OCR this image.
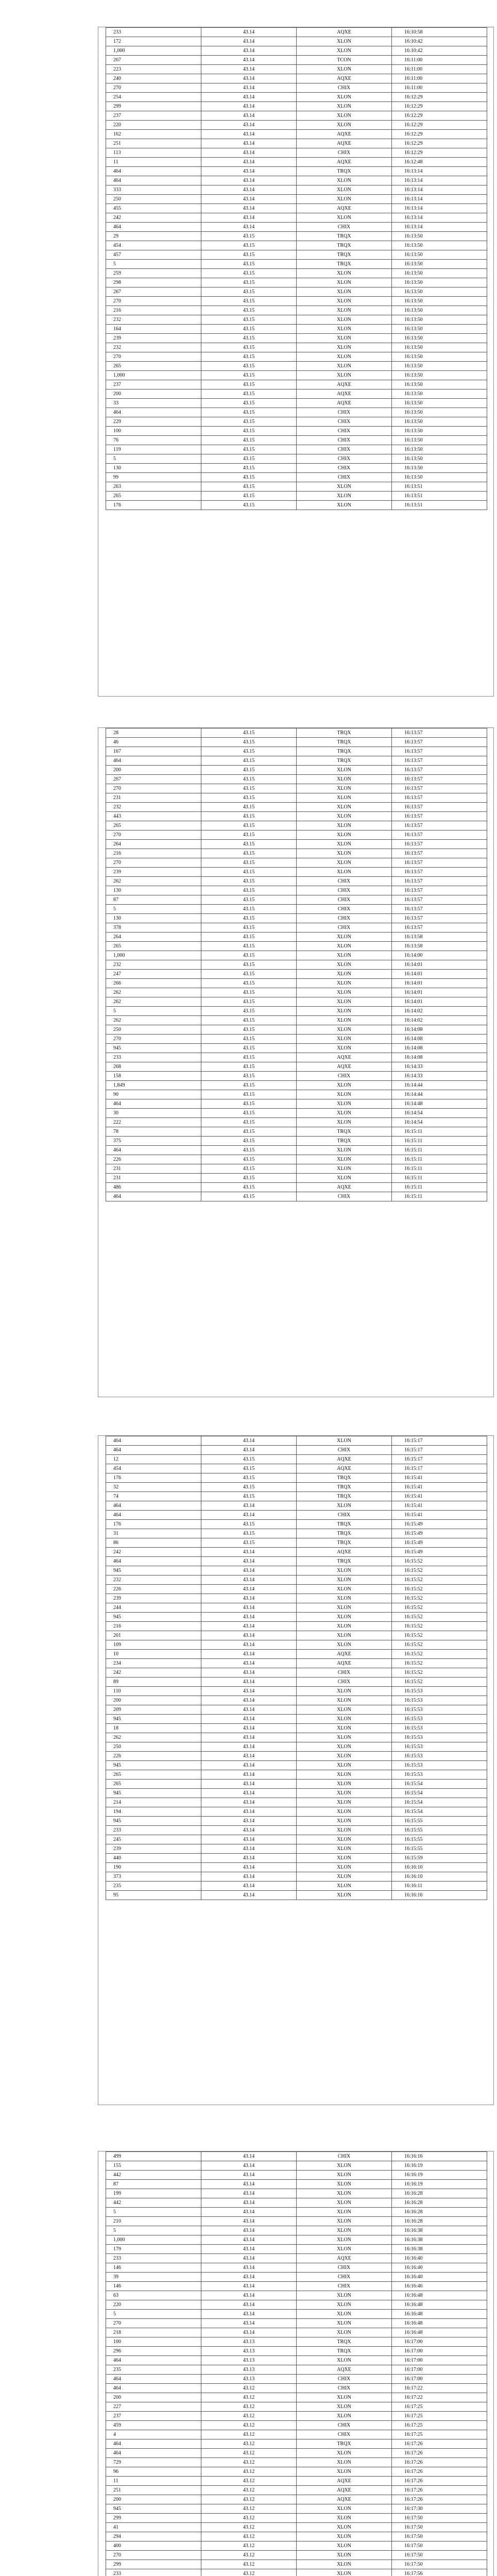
233	43.14	AQXE	16:10:58
172	43.14	XLON	16:10:42
1,000	43.14	XLON	16:10:42
267	43.14	TCON	16:11:00
223	43.14	XLON	16:11:00
240	43.14	AQXE	16:11:00
270	43.14	CHIX	16:11:00
254	43.14	XLON	16:12:29
299	43.14	XLON	16:12:29
237	43.14	XLON	16:12:29
220	43.14	XLON	16:12:29
162	43.14	AQXE	16:12:29
251	43.14	AQXE	16:12:29
113	43.14	CHIX	16:12:29
11	43.14	AQXE	16:12:48
464	43.14	TRQX	16:13:14
464	43.14	XLON	16:13:14
333	43.14	XLON	16:13:14
250	43.14	XLON	16:13:14
455	43.14	AQXE	16:13:14
242	43.14	XLON	16:13:14
464	43.14	CHIX	16:13:14
29	43.15	TRQX	16:13:50
454	43.15	TRQX	16:13:50
457	43.15	TRQX	16:13:50
5	43.15	TRQX	16:13:50
259	43.15	XLON	16:13:50
298	43.15	XLON	16:13:50
267	43.15	XLON	16:13:50
270	43.15	XLON	16:13:50
216	43.15	XLON	16:13:50
232	43.15	XLON	16:13:50
164	43.15	XLON	16:13:50
239	43.15	XLON	16:13:50
232	43.15	XLON	16:13:50
270	43.15	XLON	16:13:50
265	43.15	XLON	16:13:50
1,000	43.15	XLON	16:13:50
237	43.15	AQXE	16:13:50
200	43.15	AQXE	16:13:50
33	43.15	AQXE	16:13:50
464	43.15	CHIX	16:13:50
229	43.15	CHIX	16:13:50
100	43.15	CHIX	16:13:50
76	43.15	CHIX	16:13:50
119	43.15	CHIX	16:13:50
5	43.15	CHIX	16:13:50
130	43.15	CHIX	16:13:50
99	43.15	CHIX	16:13:50
263	43.15	XLON	16:13:51
265	43.15	XLON	16:13:51
176	43.15	XLON	16:13:51
28	43.15	TRQX	16:13:57
46	43.15	TRQX	16:13:57
167	43.15	TRQX	16:13:57
464	43.15	TRQX	16:13:57
200	43.15	XLON	16:13:57
267	43.15	XLON	16:13:57
270	43.15	XLON	16:13:57
231	43.15	XLON	16:13:57
232	43.15	XLON	16:13:57
443	43.15	XLON	16:13:57
265	43.15	XLON	16:13:57
270	43.15	XLON	16:13:57
264	43.15	XLON	16:13:57
216	43.15	XLON	16:13:57
270	43.15	XLON	16:13:57
239	43.15	XLON	16:13:57
262	43.15	CHIX	16:13:57
130	43.15	CHIX	16:13:57
87	43.15	CHIX	16:13:57
5	43.15	CHIX	16:13:57
130	43.15	CHIX	16:13:57
378	43.15	CHIX	16:13:57
264	43.15	XLON	16:13:58
265	43.15	XLON	16:13:58
1,000	43.15	XLON	16:14:00
232	43.15	XLON	16:14:01
247	43.15	XLON	16:14:01
266	43.15	XLON	16:14:01
262	43.15	XLON	16:14:01
262	43.15	XLON	16:14:01
5	43.15	XLON	16:14:02
262	43.15	XLON	16:14:02
250	43.15	XLON	16:14:08
270	43.15	XLON	16:14:08
945	43.15	XLON	16:14:08
233	43.15	AQXE	16:14:08
268	43.15	AQXE	16:14:33
158	43.15	CHIX	16:14:33
1,849	43.15	XLON	16:14:44
90	43.15	XLON	16:14:44
464	43.15	XLON	16:14:48
30	43.15	XLON	16:14:54
222	43.15	XLON	16:14:54
78	43.15	TRQX	16:15:11
375	43.15	TRQX	16:15:11
464	43.15	XLON	16:15:11
226	43.15	XLON	16:15:11
231	43.15	XLON	16:15:11
231	43.15	XLON	16:15:11
486	43.15	AQXE	16:15:11
464	43.15	CHIX	16:15:11
464	43.14	XLON	16:15:17
464	43.14	CHIX	16:15:17
12	43.15	AQXE	16:15:17
454	43.15	AQXE	16:15:17
176	43.15	TRQX	16:15:41
32	43.15	TRQX	16:15:41
74	43.15	TRQX	16:15:41
464	43.14	XLON	16:15:41
464	43.14	CHIX	16:15:41
176	43.15	TRQX	16:15:49
31	43.15	TRQX	16:15:49
86	43.15	TRQX	16:15:49
242	43.14	AQXE	16:15:49
464	43.14	TRQX	16:15:52
945	43.14	XLON	16:15:52
232	43.14	XLON	16:15:52
226	43.14	XLON	16:15:52
239	43.14	XLON	16:15:52
244	43.14	XLON	16:15:52
945	43.14	XLON	16:15:52
216	43.14	XLON	16:15:52
201	43.14	XLON	16:15:52
109	43.14	XLON	16:15:52
10	43.14	AQXE	16:15:52
234	43.14	AQXE	16:15:52
242	43.14	CHIX	16:15:52
89	43.14	CHIX	16:15:52
110	43.14	XLON	16:15:53
200	43.14	XLON	16:15:53
209	43.14	XLON	16:15:53
945	43.14	XLON	16:15:53
18	43.14	XLON	16:15:53
262	43.14	XLON	16:15:53
250	43.14	XLON	16:15:53
226	43.14	XLON	16:15:53
945	43.14	XLON	16:15:53
265	43.14	XLON	16:15:53
265	43.14	XLON	16:15:54
945	43.14	XLON	16:15:54
214	43.14	XLON	16:15:54
194	43.14	XLON	16:15:54
945	43.14	XLON	16:15:55
233	43.14	XLON	16:15:55
245	43.14	XLON	16:15:55
239	43.14	XLON	16:15:55
440	43.14	XLON	16:15:59
190	43.14	XLON	16:16:10
373	43.14	XLON	16:16:10
235	43.14	XLON	16:16:11
95	43.14	XLON	16:16:16
499	43.14	CHIX	16:16:16
155	43.14	XLON	16:16:19
442	43.14	XLON	16:16:19
87	43.14	XLON	16:16:19
199	43.14	XLON	16:16:28
442	43.14	XLON	16:16:28
5	43.14	XLON	16:16:28
210	43.14	XLON	16:16:28
5	43.14	XLON	16:16:38
1,000	43.14	XLON	16:16:38
179	43.14	XLON	16:16:38
233	43.14	AQXE	16:16:40
146	43.14	CHIX	16:16:40
39	43.14	CHIX	16:16:40
146	43.14	CHIX	16:16:46
63	43.14	XLON	16:16:48
220	43.14	XLON	16:16:48
5	43.14	XLON	16:16:48
270	43.14	XLON	16:16:48
218	43.14	XLON	16:16:48
100	43.13	TRQX	16:17:00
296	43.13	TRQX	16:17:00
464	43.13	XLON	16:17:00
235	43.13	AQXE	16:17:00
464	43.13	CHIX	16:17:00
464	43.12	CHIX	16:17:22
200	43.12	XLON	16:17:22
227	43.12	XLON	16:17:25
237	43.12	XLON	16:17:25
459	43.12	CHIX	16:17:25
4	43.12	CHIX	16:17:25
464	43.12	TRQX	16:17:26
464	43.12	XLON	16:17:26
729	43.12	XLON	16:17:26
96	43.12	XLON	16:17:26
11	43.12	AQXE	16:17:26
251	43.12	AQXE	16:17:26
200	43.12	AQXE	16:17:26
945	43.12	XLON	16:17:30
299	43.12	XLON	16:17:50
41	43.12	XLON	16:17:50
294	43.12	XLON	16:17:50
400	43.12	XLON	16:17:50
270	43.12	XLON	16:17:50
299	43.12	XLON	16:17:50
233	43.12	XLON	16:17:56
